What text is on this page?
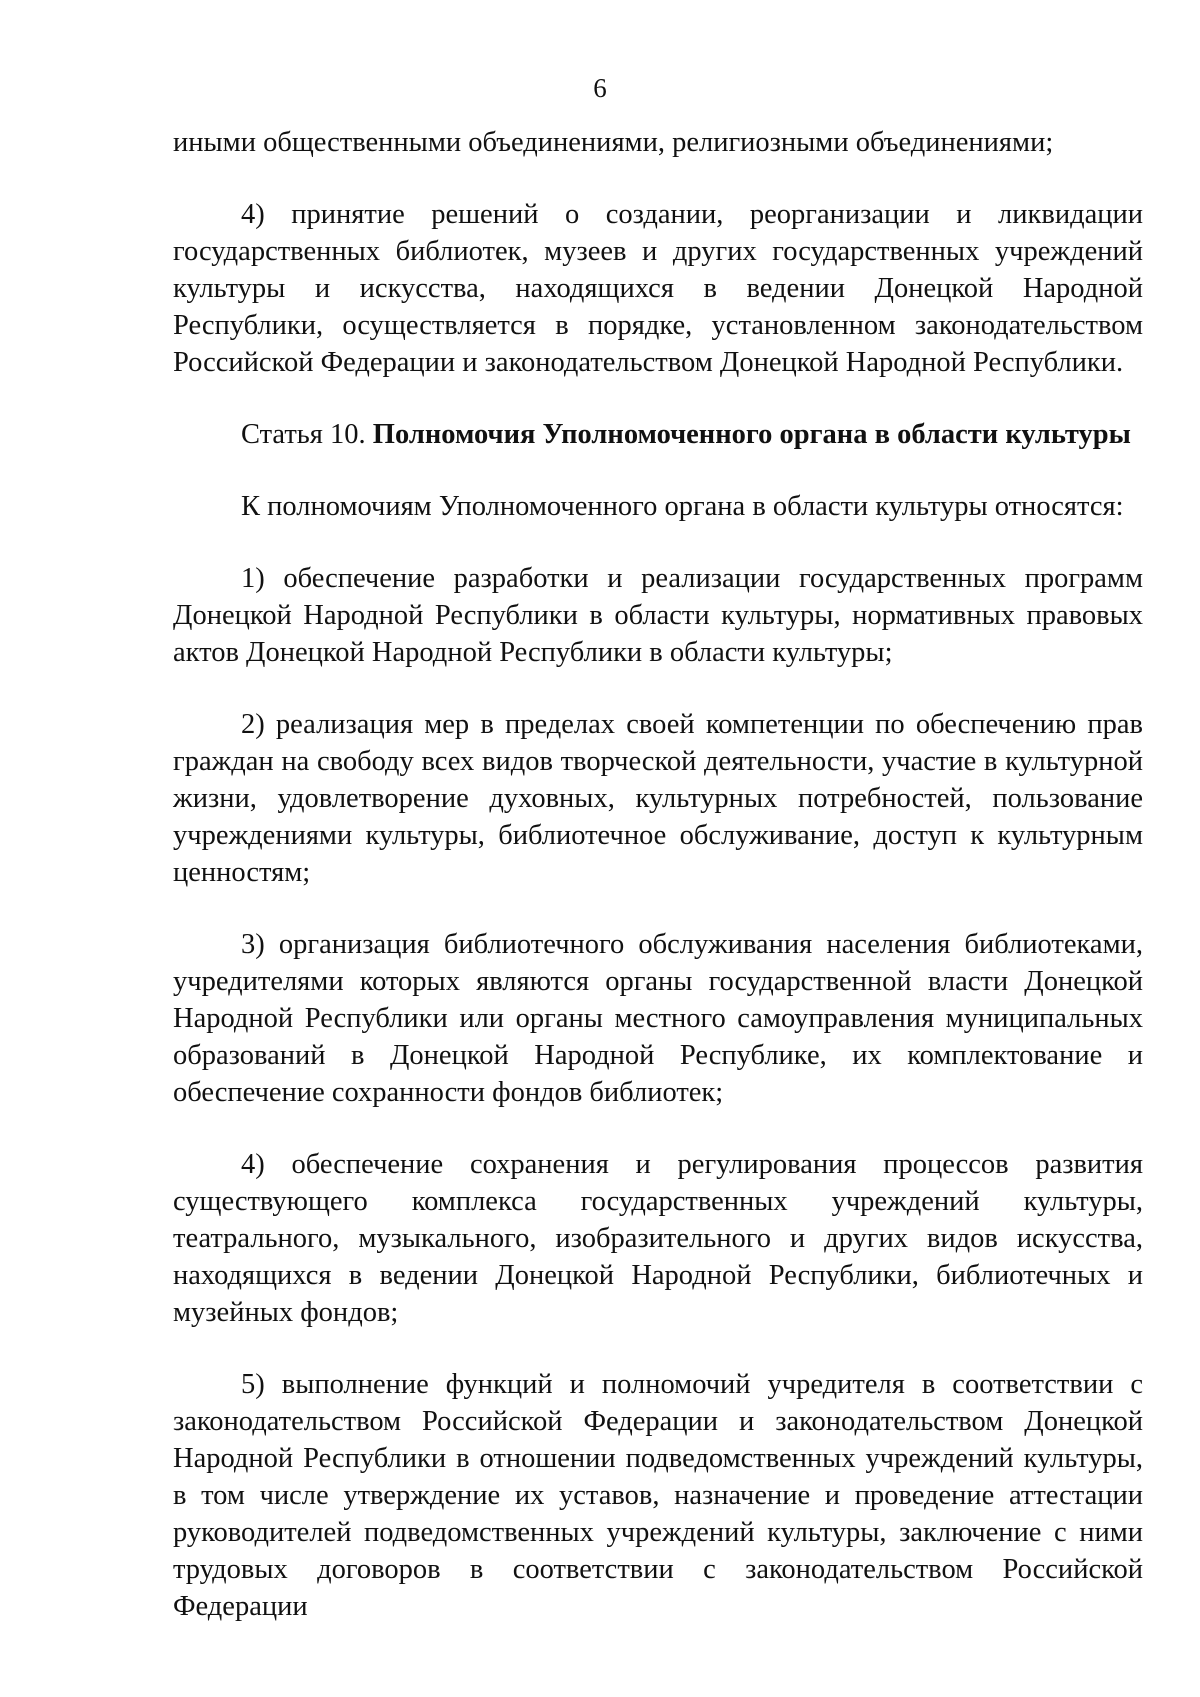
6

иными общественными объединениями, религиозными объединениями;

4) принятие решений о создании, реорганизации и ликвидации государственных библиотек, музеев и других государственных учреждений культуры и искусства, находящихся в ведении Донецкой Народной Республики, осуществляется в порядке, установленном законодательством Российской Федерации и законодательством Донецкой Народной Республики.

Статья 10. Полномочия Уполномоченного органа в области культуры

К полномочиям Уполномоченного органа в области культуры относятся:

1) обеспечение разработки и реализации государственных программ Донецкой Народной Республики в области культуры, нормативных правовых актов Донецкой Народной Республики в области культуры;

2) реализация мер в пределах своей компетенции по обеспечению прав граждан на свободу всех видов творческой деятельности, участие в культурной жизни, удовлетворение духовных, культурных потребностей, пользование учреждениями культуры, библиотечное обслуживание, доступ к культурным ценностям;

3) организация библиотечного обслуживания населения библиотеками, учредителями которых являются органы государственной власти Донецкой Народной Республики или органы местного самоуправления муниципальных образований в Донецкой Народной Республике, их комплектование и обеспечение сохранности фондов библиотек;

4) обеспечение сохранения и регулирования процессов развития существующего комплекса государственных учреждений культуры, театрального, музыкального, изобразительного и других видов искусства, находящихся в ведении Донецкой Народной Республики, библиотечных и музейных фондов;

5) выполнение функций и полномочий учредителя в соответствии с законодательством Российской Федерации и законодательством Донецкой Народной Республики в отношении подведомственных учреждений культуры, в том числе утверждение их уставов, назначение и проведение аттестации руководителей подведомственных учреждений культуры, заключение с ними трудовых договоров в соответствии с законодательством Российской Федерации
